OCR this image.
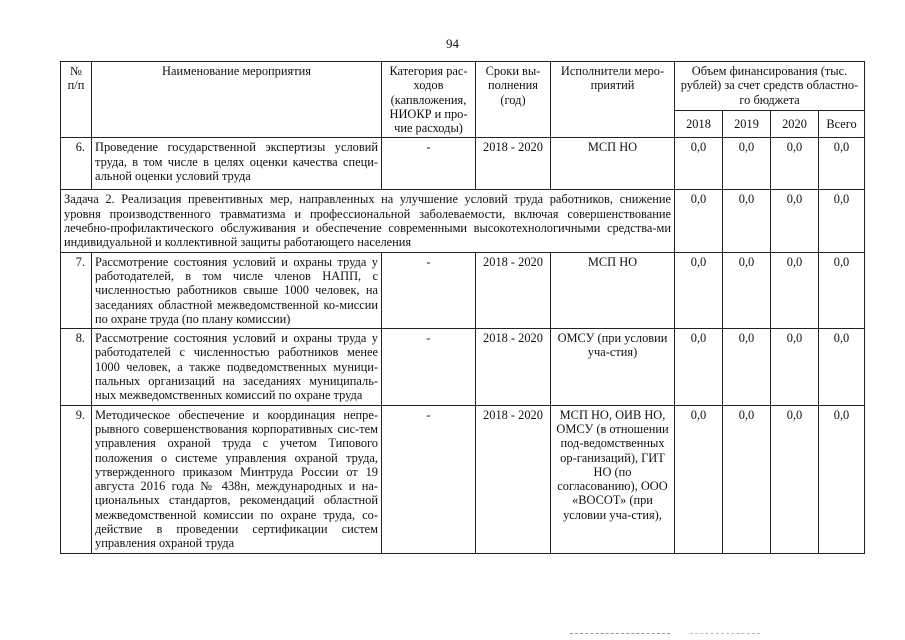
94
№ п/п	Наименование мероприятия	Категория рас-ходов (капвложения, НИОКР и про-чие расходы)	Сроки вы-полнения (год)	Исполнители меро-приятий	Объем финансирования (тыс. рублей) за счет средств областно-го бюджета			
					2018	2019	2020	Всего
6.	Проведение государственной экспертизы условий труда, в том числе в целях оценки качества специ-альной оценки условий труда	-	2018 - 2020	МСП НО	0,0	0,0	0,0	0,0
Задача 2. Реализация превентивных мер, направленных на улучшение условий труда работников, снижение уровня производственного травматизма и профессиональной заболеваемости, включая совершенствование лечебно-профилактического обслуживания и обеспечение современными высокотехнологичными средства-ми индивидуальной и коллективной защиты работающего населения					0,0	0,0	0,0	0,0
7.	Рассмотрение состояния условий и охраны труда у работодателей, в том числе членов НАПП, с численностью работников свыше 1000 человек, на заседаниях областной межведомственной ко-миссии по охране труда (по плану комиссии)	-	2018 - 2020	МСП НО	0,0	0,0	0,0	0,0
8.	Рассмотрение состояния условий и охраны труда у работодателей с численностью работников менее 1000 человек, а также подведомственных муници-пальных организаций на заседаниях муниципаль-ных межведомственных комиссий по охране труда	-	2018 - 2020	ОМСУ (при условии уча-стия)	0,0	0,0	0,0	0,0
9.	Методическое обеспечение и координация непре-рывного совершенствования корпоративных сис-тем управления охраной труда с учетом Типового положения о системе управления охраной труда, утвержденного приказом Минтруда России от 19 августа 2016 года № 438н, международных и на-циональных стандартов, рекомендаций областной межведомственной комиссии по охране труда, со-действие в проведении сертификации систем управления охраной труда	-	2018 - 2020	МСП НО, ОИВ НО, ОМСУ (в отношении под-ведомственных ор-ганизаций), ГИТ НО (по согласованию), ООО «ВОСОТ» (при условии уча-стия),	0,0	0,0	0,0	0,0
